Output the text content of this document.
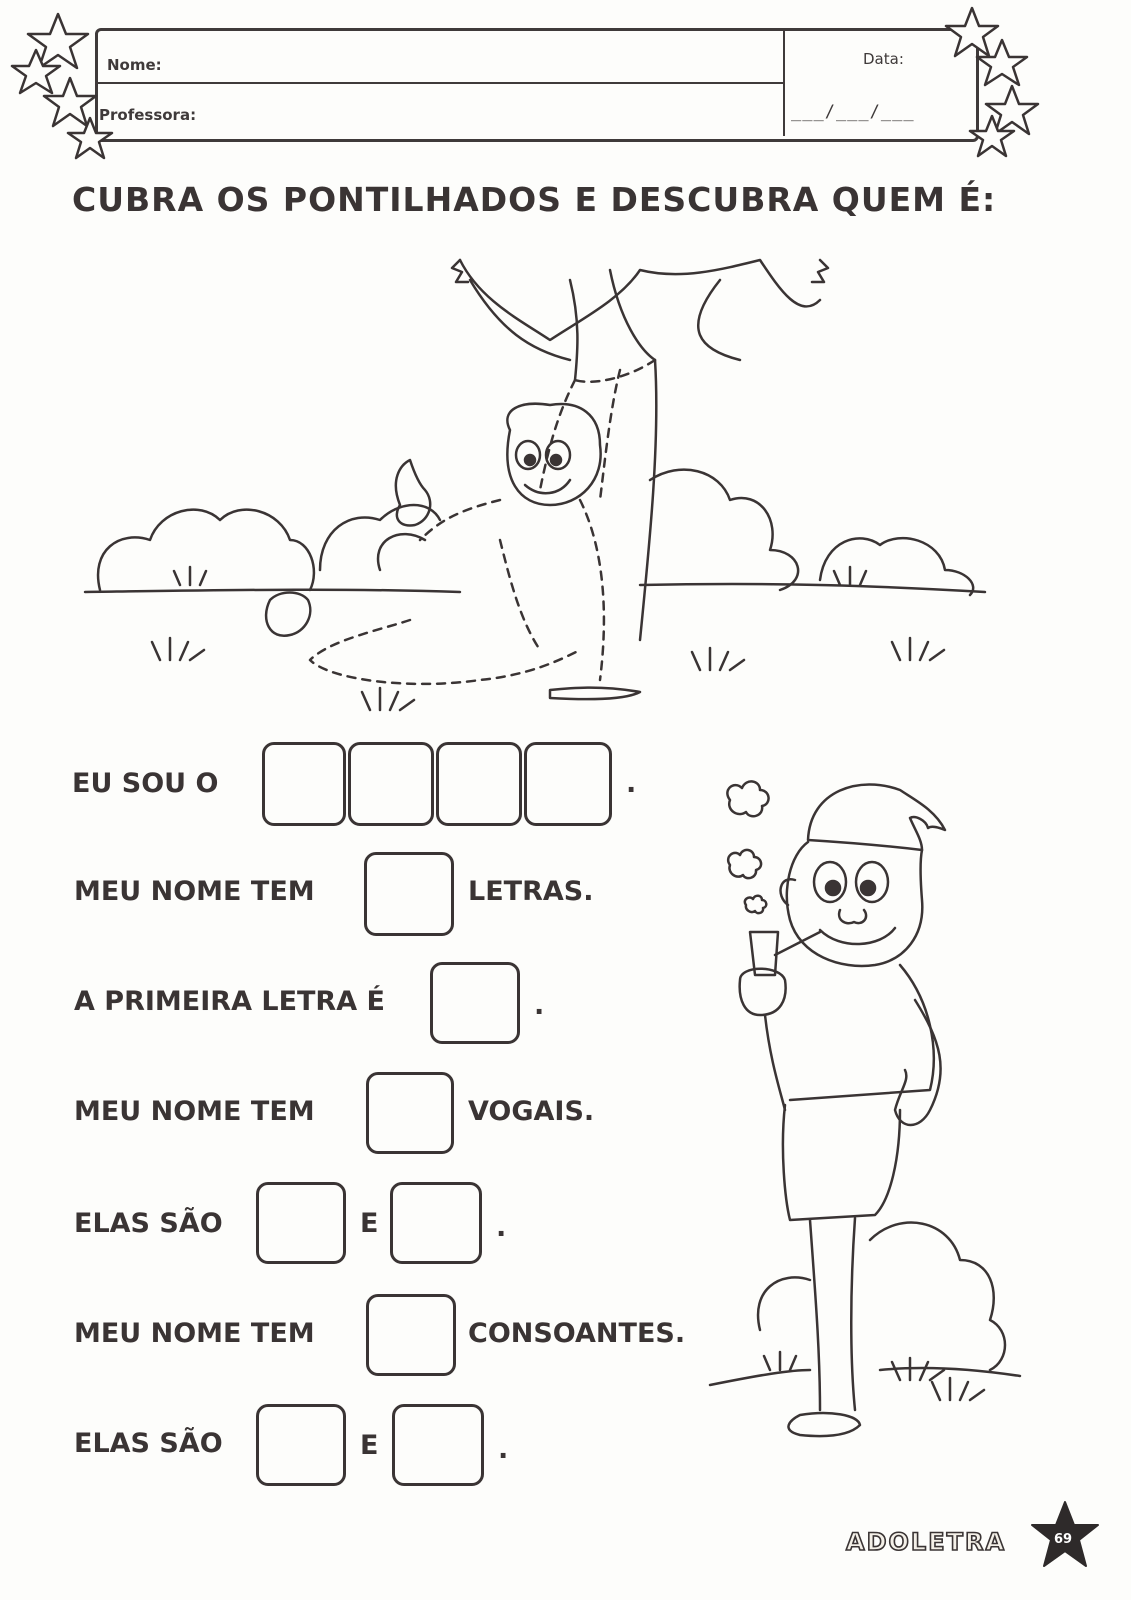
Nome:
Professora:
Data:
___/___/___
CUBRA OS PONTILHADOS E DESCUBRA QUEM É:
EU SOU O	.
MEU NOME TEM	LETRAS.
A PRIMEIRA LETRA É	.
MEU NOME TEM	VOGAIS.
ELAS SÃO	E	.
MEU NOME TEM	CONSOANTES.
ELAS SÃO	E	.
ADOLETRA	69
